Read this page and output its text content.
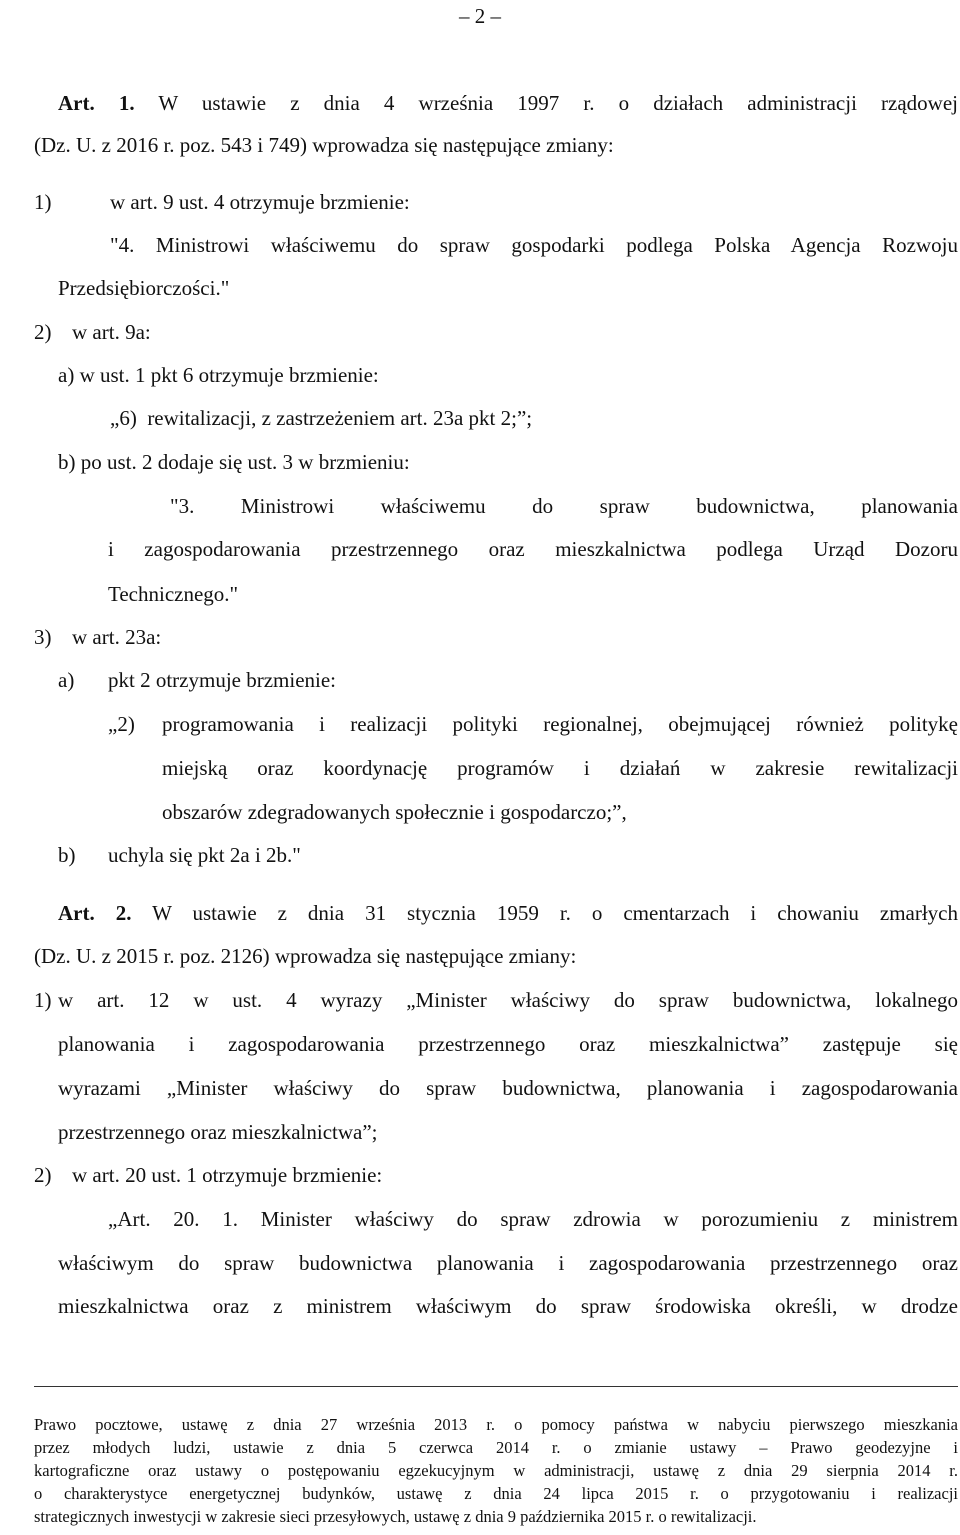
– 2 –
Art. 1. W ustawie z dnia 4 września 1997 r. o działach administracji rządowej
(Dz. U. z 2016 r. poz. 543 i 749) wprowadza się następujące zmiany:
1)	w art. 9 ust. 4 otrzymuje brzmienie:
"4. Ministrowi właściwemu do spraw gospodarki podlega Polska Agencja Rozwoju
Przedsiębiorczości."
2) w art. 9a:
a) w ust. 1 pkt 6 otrzymuje brzmienie:
„6)  rewitalizacji, z zastrzeżeniem art. 23a pkt 2;”;
b) po ust. 2 dodaje się ust. 3 w brzmieniu:
"3. Ministrowi właściwemu do spraw budownictwa, planowania
i zagospodarowania przestrzennego oraz mieszkalnictwa podlega Urząd Dozoru
Technicznego."
3) w art. 23a:
a) pkt 2 otrzymuje brzmienie:
„2) programowania i realizacji polityki regionalnej, obejmującej również politykę
miejską oraz koordynację programów i działań w zakresie rewitalizacji
obszarów zdegradowanych społecznie i gospodarczo;”,
b) uchyla się pkt 2a i 2b."
Art. 2. W ustawie z dnia 31 stycznia 1959 r. o cmentarzach i chowaniu zmarłych
(Dz. U. z 2015 r. poz. 2126) wprowadza się następujące zmiany:
1) w art. 12 w ust. 4 wyrazy „Minister właściwy do spraw budownictwa, lokalnego
planowania i zagospodarowania przestrzennego oraz mieszkalnictwa” zastępuje się
wyrazami „Minister właściwy do spraw budownictwa, planowania i zagospodarowania
przestrzennego oraz mieszkalnictwa”;
2) w art. 20 ust. 1 otrzymuje brzmienie:
„Art. 20. 1. Minister właściwy do spraw zdrowia w porozumieniu z ministrem
właściwym do spraw budownictwa planowania i zagospodarowania przestrzennego oraz
mieszkalnictwa oraz z ministrem właściwym do spraw środowiska określi, w drodze
Prawo pocztowe, ustawę z dnia 27 września 2013 r. o pomocy państwa w nabyciu pierwszego mieszkania
przez młodych ludzi, ustawie z dnia 5 czerwca 2014 r. o zmianie ustawy – Prawo geodezyjne i
kartograficzne oraz ustawy o postępowaniu egzekucyjnym w administracji, ustawę z dnia 29 sierpnia 2014 r.
o charakterystyce energetycznej budynków, ustawę z dnia 24 lipca 2015 r. o przygotowaniu i realizacji
strategicznych inwestycji w zakresie sieci przesyłowych, ustawę z dnia 9 października 2015 r. o rewitalizacji.
